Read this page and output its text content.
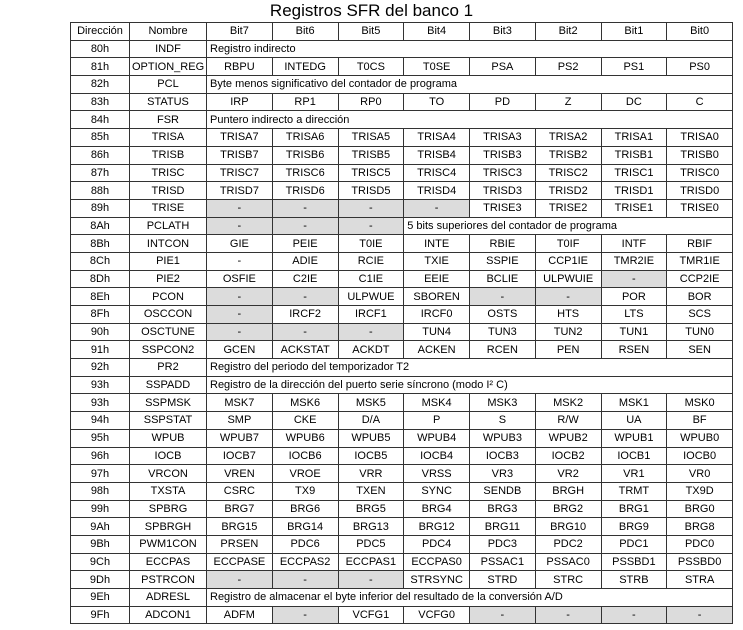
Registros SFR del banco 1
Dirección	Nombre	Bit7	Bit6	Bit5	Bit4	Bit3	Bit2	Bit1	Bit0
80h	INDF	Registro indirecto							
81h	OPTION_REG	RBPU	INTEDG	T0CS	T0SE	PSA	PS2	PS1	PS0
82h	PCL	Byte menos significativo del contador de programa							
83h	STATUS	IRP	RP1	RP0	TO	PD	Z	DC	C
84h	FSR	Puntero indirecto a dirección							
85h	TRISA	TRISA7	TRISA6	TRISA5	TRISA4	TRISA3	TRISA2	TRISA1	TRISA0
86h	TRISB	TRISB7	TRISB6	TRISB5	TRISB4	TRISB3	TRISB2	TRISB1	TRISB0
87h	TRISC	TRISC7	TRISC6	TRISC5	TRISC4	TRISC3	TRISC2	TRISC1	TRISC0
88h	TRISD	TRISD7	TRISD6	TRISD5	TRISD4	TRISD3	TRISD2	TRISD1	TRISD0
89h	TRISE	-	-	-	-	TRISE3	TRISE2	TRISE1	TRISE0
8Ah	PCLATH	-	-	-	5 bits superiores del contador de programa				
8Bh	INTCON	GIE	PEIE	T0IE	INTE	RBIE	T0IF	INTF	RBIF
8Ch	PIE1	-	ADIE	RCIE	TXIE	SSPIE	CCP1IE	TMR2IE	TMR1IE
8Dh	PIE2	OSFIE	C2IE	C1IE	EEIE	BCLIE	ULPWUIE	-	CCP2IE
8Eh	PCON	-	-	ULPWUE	SBOREN	-	-	POR	BOR
8Fh	OSCCON	-	IRCF2	IRCF1	IRCF0	OSTS	HTS	LTS	SCS
90h	OSCTUNE	-	-	-	TUN4	TUN3	TUN2	TUN1	TUN0
91h	SSPCON2	GCEN	ACKSTAT	ACKDT	ACKEN	RCEN	PEN	RSEN	SEN
92h	PR2	Registro del periodo del temporizador T2							
93h	SSPADD	Registro de la dirección del puerto serie síncrono (modo I² C)							
93h	SSPMSK	MSK7	MSK6	MSK5	MSK4	MSK3	MSK2	MSK1	MSK0
94h	SSPSTAT	SMP	CKE	D/A	P	S	R/W	UA	BF
95h	WPUB	WPUB7	WPUB6	WPUB5	WPUB4	WPUB3	WPUB2	WPUB1	WPUB0
96h	IOCB	IOCB7	IOCB6	IOCB5	IOCB4	IOCB3	IOCB2	IOCB1	IOCB0
97h	VRCON	VREN	VROE	VRR	VRSS	VR3	VR2	VR1	VR0
98h	TXSTA	CSRC	TX9	TXEN	SYNC	SENDB	BRGH	TRMT	TX9D
99h	SPBRG	BRG7	BRG6	BRG5	BRG4	BRG3	BRG2	BRG1	BRG0
9Ah	SPBRGH	BRG15	BRG14	BRG13	BRG12	BRG11	BRG10	BRG9	BRG8
9Bh	PWM1CON	PRSEN	PDC6	PDC5	PDC4	PDC3	PDC2	PDC1	PDC0
9Ch	ECCPAS	ECCPASE	ECCPAS2	ECCPAS1	ECCPAS0	PSSAC1	PSSAC0	PSSBD1	PSSBD0
9Dh	PSTRCON	-	-	-	STRSYNC	STRD	STRC	STRB	STRA
9Eh	ADRESL	Registro de almacenar el byte inferior del resultado de la conversión A/D							
9Fh	ADCON1	ADFM	-	VCFG1	VCFG0	-	-	-	-
